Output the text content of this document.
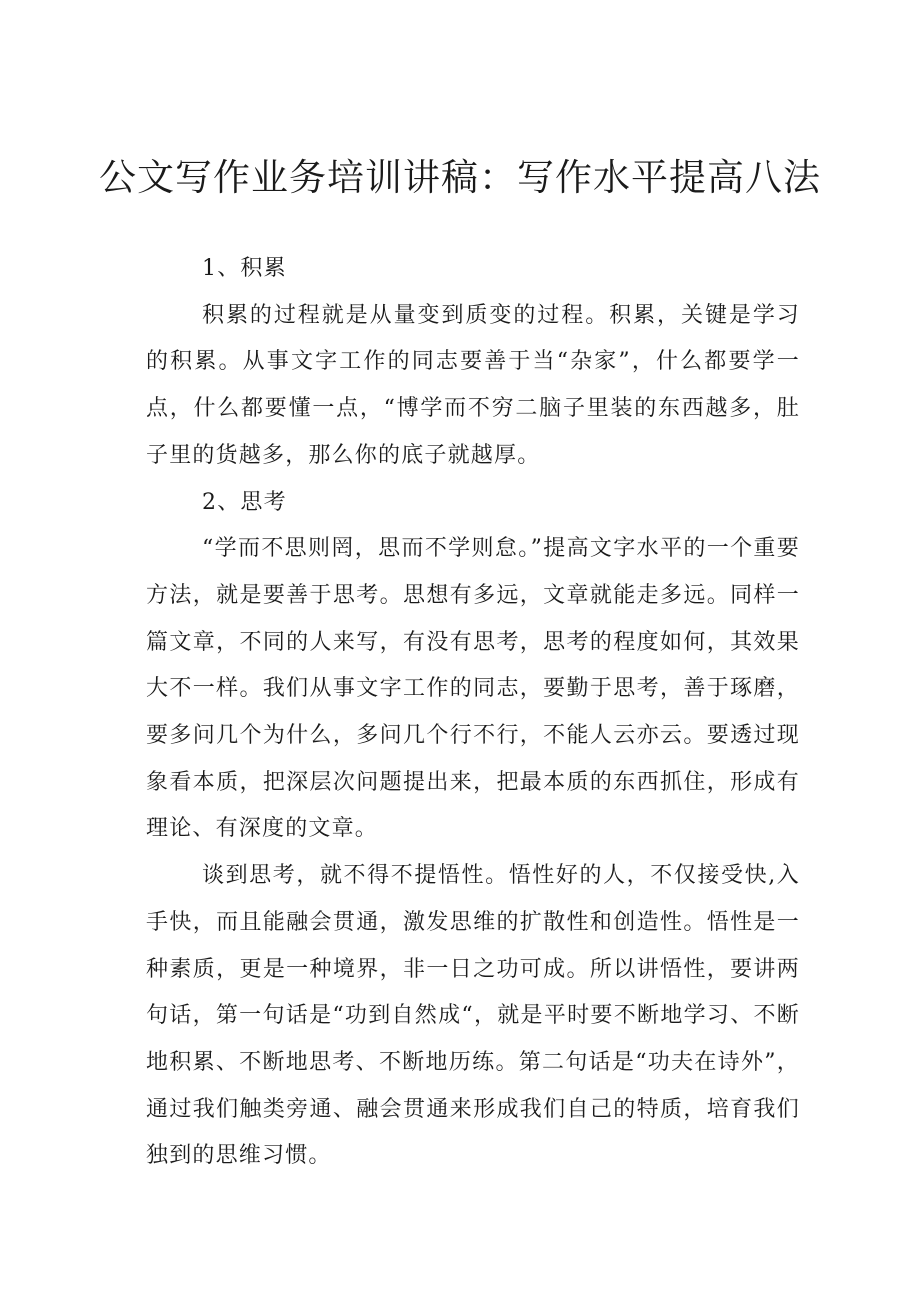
公文写作业务培训讲稿：写作水平提高八法
1、积累

积累的过程就是从量变到质变的过程。积累，关键是学习的积累。从事文字工作的同志要善于当“杂家”，什么都要学一点，什么都要懂一点，“博学而不穷二脑子里装的东西越多，肚子里的货越多，那么你的底子就越厚。

2、思考

“学而不思则罔，思而不学则怠。”提高文字水平的一个重要方法，就是要善于思考。思想有多远，文章就能走多远。同样一篇文章，不同的人来写，有没有思考，思考的程度如何，其效果大不一样。我们从事文字工作的同志，要勤于思考，善于琢磨，要多问几个为什么，多问几个行不行，不能人云亦云。要透过现象看本质，把深层次问题提出来，把最本质的东西抓住，形成有理论、有深度的文章。

谈到思考，就不得不提悟性。悟性好的人，不仅接受快,入手快，而且能融会贯通，激发思维的扩散性和创造性。悟性是一种素质，更是一种境界，非一日之功可成。所以讲悟性，要讲两句话，第一句话是“功到自然成“，就是平时要不断地学习、不断地积累、不断地思考、不断地历练。第二句话是“功夫在诗外”，通过我们触类旁通、融会贯通来形成我们自己的特质，培育我们独到的思维习惯。
